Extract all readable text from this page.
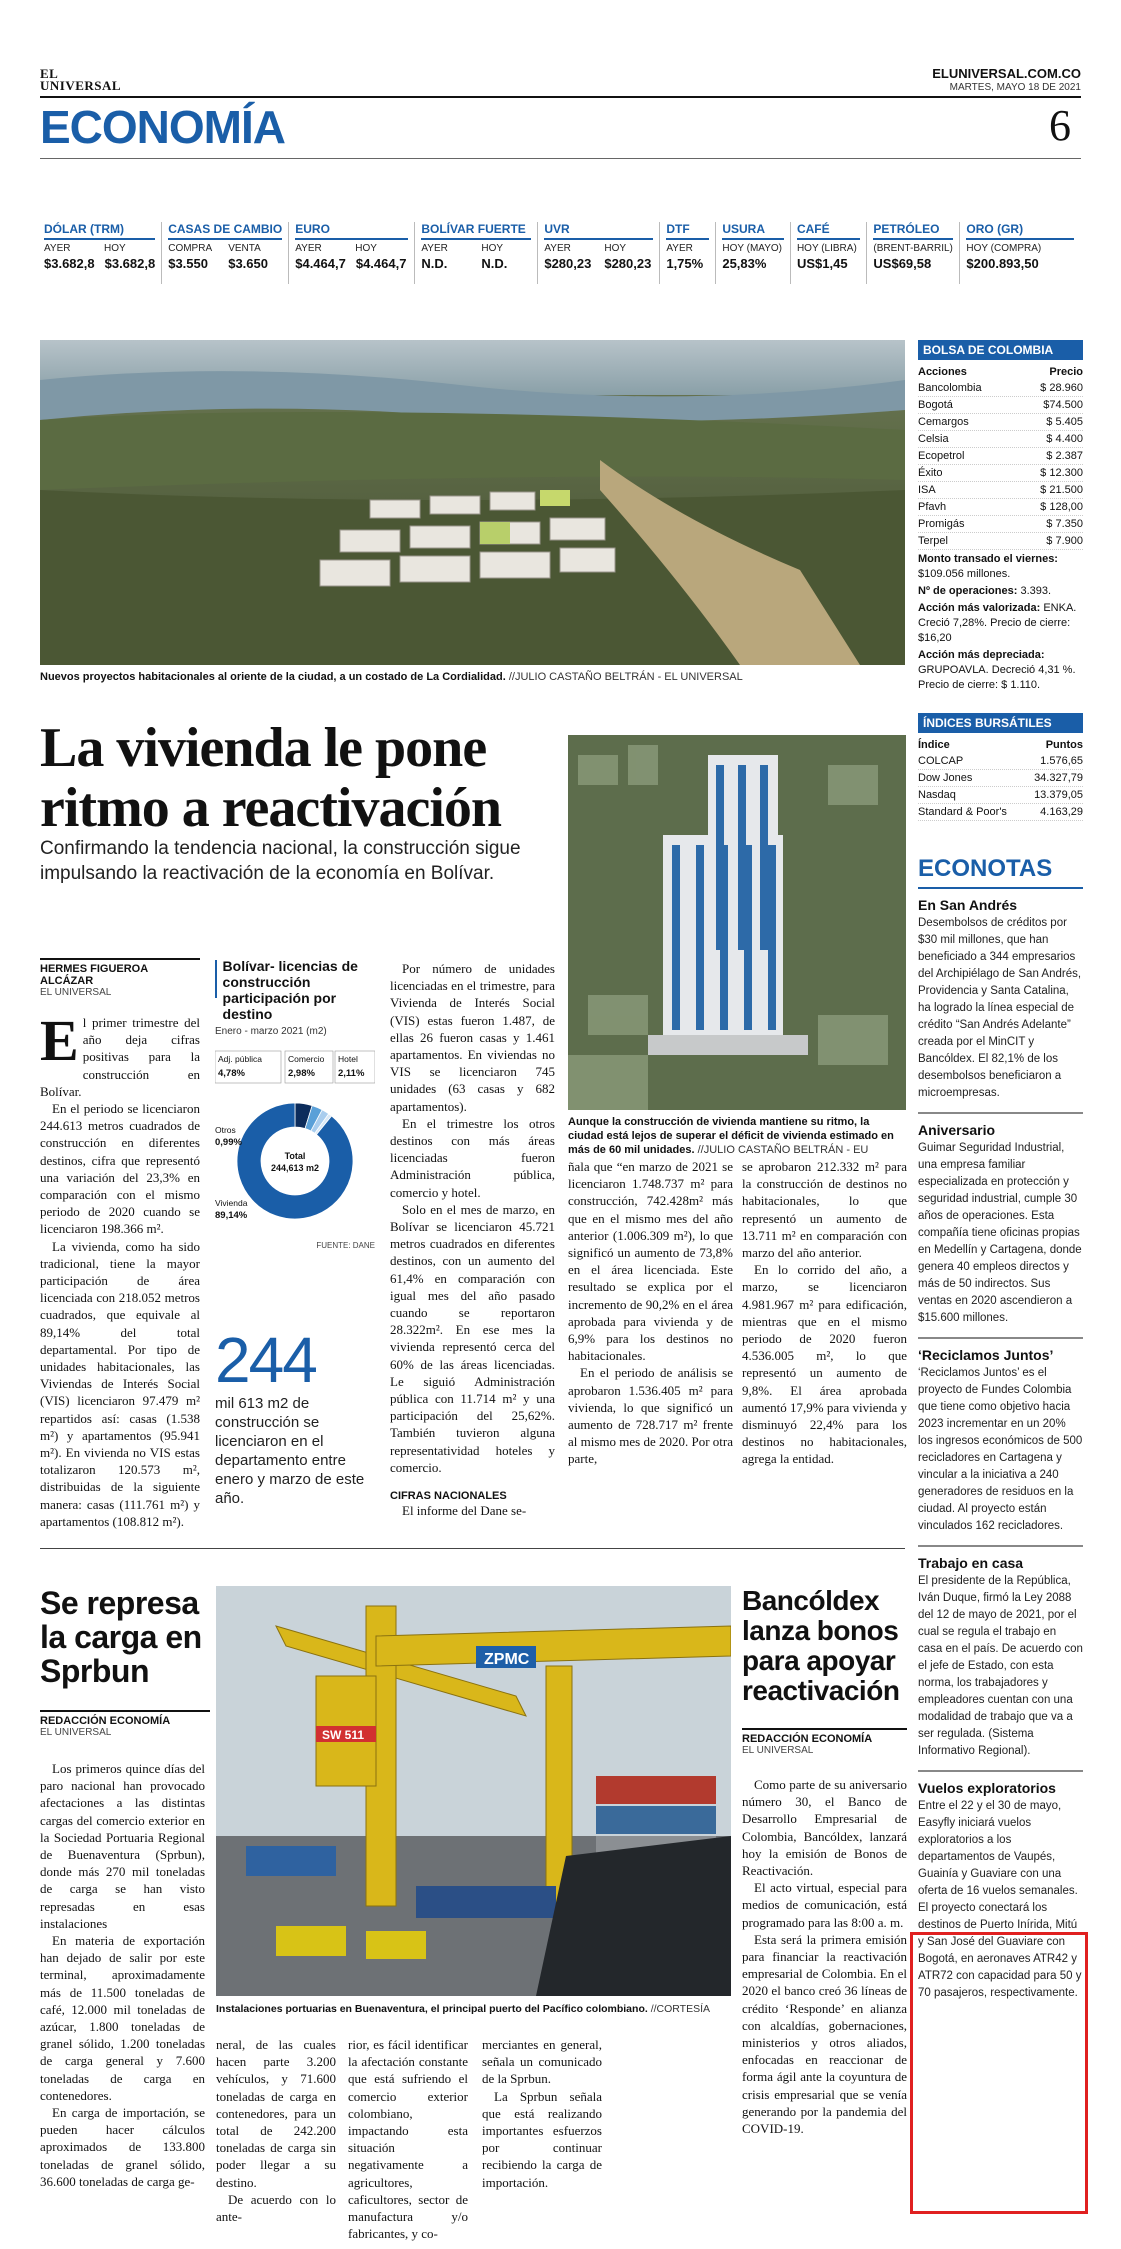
EL
UNIVERSAL
ELUNIVERSAL.COM.CO
MARTES, MAYO 18 DE 2021
ECONOMÍA	6
DÓLAR (TRM)
AYER	HOY
$3.682,8 $3.682,8
CASAS DE CAMBIO
COMPRA	VENTA
$3.550	$3.650
EURO
AYER	HOY
$4.464,7 $4.464,7
BOLÍVAR FUERTE
AYER	HOY
N.D.	N.D.
UVR
AYER	HOY
$280,23 $280,23
DTF
AYER
1,75%
USURA
HOY (MAYO)
25,83%
CAFÉ
HOY (LIBRA)
US$1,45
PETRÓLEO
(BRENT-BARRIL)
US$69,58
ORO (GR)
HOY (COMPRA)
$200.893,50
Nuevos proyectos habitacionales al oriente de la ciudad, a un costado de La Cordialidad. //JULIO CASTAÑO BELTRÁN - EL UNIVERSAL
BOLSA DE COLOMBIA
Acciones	Precio
Bancolombia	$ 28.960
Bogotá	$74.500
Cemargos	$ 5.405
Celsia	$ 4.400
Ecopetrol	$ 2.387
Éxito	$ 12.300
ISA	$ 21.500
Pfavh	$ 128,00
Promigás	$ 7.350
Terpel	$ 7.900
Monto transado el viernes: $109.056 millones.
Nº de operaciones: 3.393.
Acción más valorizada: ENKA. Creció 7,28%. Precio de cierre: $16,20
Acción más depreciada: GRUPOAVLA. Decreció 4,31 %. Precio de cierre: $ 1.110.
ÍNDICES BURSÁTILES
Índice	Puntos
COLCAP	1.576,65
Dow Jones	34.327,79
Nasdaq	13.379,05
Standard & Poor's	4.163,29
ECONOTAS
En San Andrés
Desembolsos de créditos por $30 mil millones, que han beneficiado a 344 empresarios del Archipiélago de San Andrés, Providencia y Santa Catalina, ha logrado la línea especial de crédito “San Andrés Adelante” creada por el MinCIT y Bancóldex. El 82,1% de los desembolsos beneficiaron a microempresas.
Aniversario
Guimar Seguridad Industrial, una empresa familiar especializada en protección y seguridad industrial, cumple 30 años de operaciones. Esta compañía tiene oficinas propias en Medellín y Cartagena, donde genera 40 empleos directos y más de 50 indirectos. Sus ventas en 2020 ascendieron a $15.600 millones.
‘Reciclamos Juntos’
‘Reciclamos Juntos’ es el proyecto de Fundes Colombia que tiene como objetivo hacia 2023 incrementar en un 20% los ingresos económicos de 500 recicladores en Cartagena y vincular a la iniciativa a 240 generadores de residuos en la ciudad. Al proyecto están vinculados 162 recicladores.
Trabajo en casa
El presidente de la República, Iván Duque, firmó la Ley 2088 del 12 de mayo de 2021, por el cual se regula el trabajo en casa en el país. De acuerdo con el jefe de Estado, con esta norma, los trabajadores y empleadores cuentan con una modalidad de trabajo que va a ser regulada. (Sistema Informativo Regional).
Vuelos exploratorios
Entre el 22 y el 30 de mayo, Easyfly iniciará vuelos exploratorios a los departamentos de Vaupés, Guainía y Guaviare con una oferta de 16 vuelos semanales. El proyecto conectará los destinos de Puerto Inírida, Mitú y San José del Guaviare con Bogotá, en aeronaves ATR42 y ATR72 con capacidad para 50 y 70 pasajeros, respectivamente.
La vivienda le pone ritmo a reactivación
Confirmando la tendencia nacional, la construcción sigue impulsando la reactivación de la economía en Bolívar.
Aunque la construcción de vivienda mantiene su ritmo, la ciudad está lejos de superar el déficit de vivienda estimado en más de 60 mil unidades. //JULIO CASTAÑO BELTRÁN - EU
HERMES FIGUEROA ALCÁZAR
EL UNIVERSAL

El primer trimestre del año deja cifras positivas para la construcción en Bolívar.

En el periodo se licenciaron 244.613 metros cuadrados de construcción en diferentes destinos, cifra que representó una variación del 23,3% en comparación con el mismo periodo de 2020 cuando se licenciaron 198.366 m².

La vivienda, como ha sido tradicional, tiene la mayor participación de área licenciada con 218.052 metros cuadrados, que equivale al 89,14% del total departamental. Por tipo de unidades habitacionales, las Viviendas de Interés Social (VIS) licenciaron 97.479 m² repartidos así: casas (1.538 m²) y apartamentos (95.941 m²). En vivienda no VIS estas totalizaron 120.573 m², distribuidas de la siguiente manera: casas (111.761 m²) y apartamentos (108.812 m²).

Bolívar- licencias de construcción participación por destino
Enero - marzo 2021 (m2)
Total
244,613 m2
Adj. pública
4,78%
Comercio
2,98%
Hotel
2,11%
Otros
0,99%
Vivienda
89,14%
FUENTE: DANE
244
mil 613 m2 de construcción se licenciaron en el departamento entre enero y marzo de este año.

Por número de unidades licenciadas en el trimestre, para Vivienda de Interés Social (VIS) estas fueron 1.487, de ellas 26 fueron casas y 1.461 apartamentos. En viviendas no VIS se licenciaron 745 unidades (63 casas y 682 apartamentos).

En el trimestre los otros destinos con más áreas licenciadas fueron Administración pública, comercio y hotel.

Solo en el mes de marzo, en Bolívar se licenciaron 45.721 metros cuadrados en diferentes destinos, con un aumento del 61,4% en comparación con igual mes del año pasado cuando se reportaron 28.322m². En ese mes la vivienda representó cerca del 60% de las áreas licenciadas. Le siguió Administración pública con 11.714 m² y una participación del 25,62%. También tuvieron alguna representatividad hoteles y comercio.

CIFRAS NACIONALES
El informe del Dane se-

ñala que “en marzo de 2021 se licenciaron 1.748.737 m² para construcción, 742.428m² más que en el mismo mes del año anterior (1.006.309 m²), lo que significó un aumento de 73,8% en el área licenciada. Este resultado se explica por el incremento de 90,2% en el área aprobada para vivienda y de 6,9% para los destinos no habitacionales.

En el periodo de análisis se aprobaron 1.536.405 m² para vivienda, lo que significó un aumento de 728.717 m² frente al mismo mes de 2020. Por otra parte,

se aprobaron 212.332 m² para la construcción de destinos no habitacionales, lo que representó un aumento de 13.711 m² en comparación con marzo del año anterior.

En lo corrido del año, a marzo, se licenciaron 4.981.967 m² para edificación, mientras que en el mismo periodo de 2020 fueron 4.536.005 m², lo que representó un aumento de 9,8%. El área aprobada aumentó 17,9% para vivienda y disminuyó 22,4% para los destinos no habitacionales, agrega la entidad.

Se represa la carga en Sprbun
REDACCIÓN ECONOMÍA
EL UNIVERSAL

Los primeros quince días del paro nacional han provocado afectaciones a las distintas cargas del comercio exterior en la Sociedad Portuaria Regional de Buenaventura (Sprbun), donde más 270 mil toneladas de carga se han visto represadas en esas instalaciones

En materia de exportación han dejado de salir por este terminal, aproximadamente más de 11.500 toneladas de café, 12.000 mil toneladas de azúcar, 1.800 toneladas de granel sólido, 1.200 toneladas de carga general y 7.600 toneladas de carga en contenedores.

En carga de importación, se pueden hacer cálculos aproximados de 133.800 toneladas de granel sólido, 36.600 toneladas de carga ge-

ZPMC
SW 511
Instalaciones portuarias en Buenaventura, el principal puerto del Pacífico colombiano. //CORTESÍA

neral, de las cuales hacen parte 3.200 vehículos, y 71.600 toneladas de carga en contenedores, para un total de 242.200 toneladas de carga sin poder llegar a su destino.

De acuerdo con lo ante-

rior, es fácil identificar la afectación constante que está sufriendo el comercio exterior colombiano, impactando esta situación negativamente a agricultores, caficultores, sector de manufactura y/o fabricantes, y co-

merciantes en general, señala un comunicado de la Sprbun.

La Sprbun señala que está realizando importantes esfuerzos por continuar recibiendo la carga de importación.

Bancóldex lanza bonos para apoyar reactivación
REDACCIÓN ECONOMÍA
EL UNIVERSAL

Como parte de su aniversario número 30, el Banco de Desarrollo Empresarial de Colombia, Bancóldex, lanzará hoy la emisión de Bonos de Reactivación.

El acto virtual, especial para medios de comunicación, está programado para las 8:00 a. m.

Esta será la primera emisión para financiar la reactivación empresarial de Colombia. En el 2020 el banco creó 36 líneas de crédito ‘Responde’ en alianza con alcaldías, gobernaciones, ministerios y otros aliados, enfocadas en reaccionar de forma ágil ante la coyuntura de crisis empresarial que se venía generando por la pandemia del COVID-19.
